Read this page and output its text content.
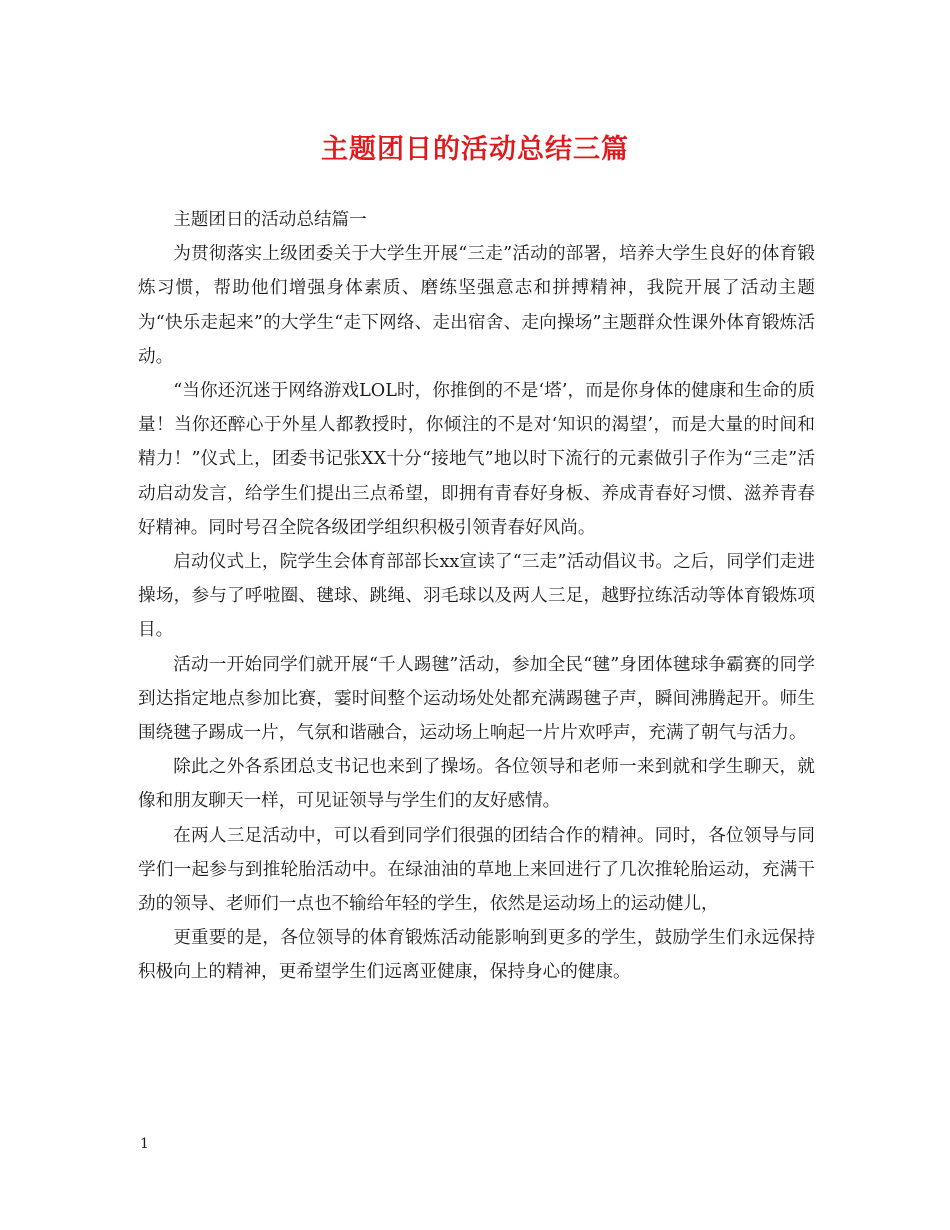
主题团日的活动总结三篇

主题团日的活动总结篇一

为贯彻落实上级团委关于大学生开展“三走”活动的部署，培养大学生良好的体育锻炼习惯，帮助他们增强身体素质、磨练坚强意志和拼搏精神，我院开展了活动主题为“快乐走起来”的大学生“走下网络、走出宿舍、走向操场”主题群众性课外体育锻炼活动。

“当你还沉迷于网络游戏LOL时，你推倒的不是‘塔’，而是你身体的健康和生命的质量！当你还醉心于外星人都教授时，你倾注的不是对‘知识的渴望’，而是大量的时间和精力！”仪式上，团委书记张XX十分“接地气”地以时下流行的元素做引子作为“三走”活动启动发言，给学生们提出三点希望，即拥有青春好身板、养成青春好习惯、滋养青春好精神。同时号召全院各级团学组织积极引领青春好风尚。

启动仪式上，院学生会体育部部长xx宣读了“三走”活动倡议书。之后，同学们走进操场，参与了呼啦圈、毽球、跳绳、羽毛球以及两人三足，越野拉练活动等体育锻炼项目。

活动一开始同学们就开展“千人踢毽”活动，参加全民“毽”身团体毽球争霸赛的同学到达指定地点参加比赛，霎时间整个运动场处处都充满踢毽子声，瞬间沸腾起开。师生围绕毽子踢成一片，气氛和谐融合，运动场上响起一片片欢呼声，充满了朝气与活力。

除此之外各系团总支书记也来到了操场。各位领导和老师一来到就和学生聊天，就像和朋友聊天一样，可见证领导与学生们的友好感情。

在两人三足活动中，可以看到同学们很强的团结合作的精神。同时，各位领导与同学们一起参与到推轮胎活动中。在绿油油的草地上来回进行了几次推轮胎运动，充满干劲的领导、老师们一点也不输给年轻的学生，依然是运动场上的运动健儿，

更重要的是，各位领导的体育锻炼活动能影响到更多的学生，鼓励学生们永远保持积极向上的精神，更希望学生们远离亚健康，保持身心的健康。

1
